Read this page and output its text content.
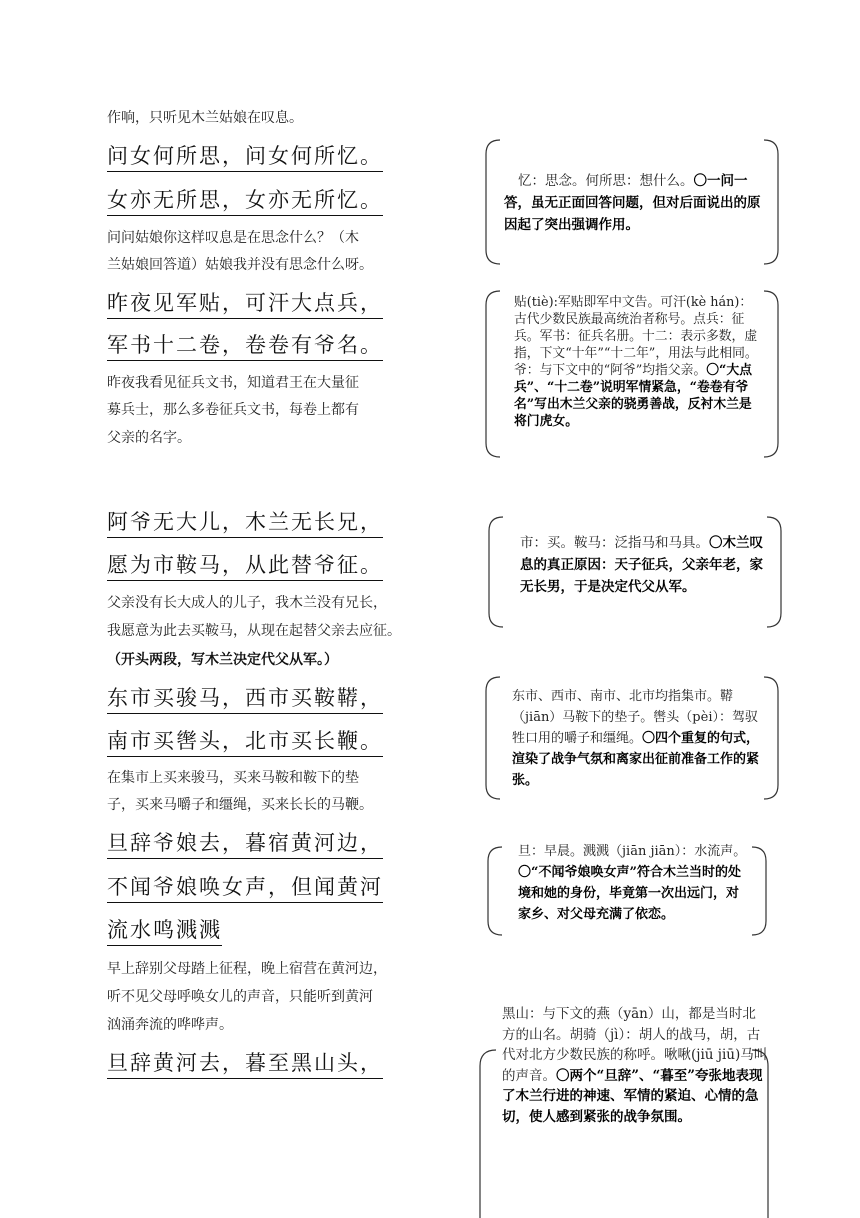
作响，只听见木兰姑娘在叹息。
问女何所思，问女何所忆。
女亦无所思，女亦无所忆。
问问姑娘你这样叹息是在思念什么？（木
兰姑娘回答道）姑娘我并没有思念什么呀。
昨夜见军贴，可汗大点兵，
军书十二卷，卷卷有爷名。
昨夜我看见征兵文书，知道君王在大量征
募兵士，那么多卷征兵文书，每卷上都有
父亲的名字。
阿爷无大儿，木兰无长兄，
愿为市鞍马，从此替爷征。
父亲没有长大成人的儿子，我木兰没有兄长，
我愿意为此去买鞍马，从现在起替父亲去应征。
（开头两段，写木兰决定代父从军。）
东市买骏马，西市买鞍鞯，
南市买辔头，北市买长鞭。
在集市上买来骏马，买来马鞍和鞍下的垫
子，买来马嚼子和缰绳，买来长长的马鞭。
旦辞爷娘去，暮宿黄河边，
不闻爷娘唤女声，但闻黄河
流水鸣溅溅
早上辞别父母踏上征程，晚上宿营在黄河边，
听不见父母呼唤女儿的声音，只能听到黄河
汹涌奔流的哗哗声。
旦辞黄河去，暮至黑山头，
忆：思念。何所思：想什么。〇一问一答，虽无正面回答问题，但对后面说出的原因起了突出强调作用。
贴(tiè):军贴即军中文告。可汗(kè hán)：古代少数民族最高统治者称号。点兵：征兵。军书：征兵名册。十二：表示多数，虚指，下文“十年”“十二年”，用法与此相同。爷：与下文中的“阿爷”均指父亲。〇“大点兵”、“十二卷”说明军情紧急，“卷卷有爷名”写出木兰父亲的骁勇善战，反衬木兰是将门虎女。
市：买。鞍马：泛指马和马具。〇木兰叹息的真正原因：天子征兵，父亲年老，家无长男，于是决定代父从军。
东市、西市、南市、北市均指集市。鞯（jiān）马鞍下的垫子。辔头（pèi）：驾驭牲口用的嚼子和缰绳。〇四个重复的句式，渲染了战争气氛和离家出征前准备工作的紧张。
旦：早晨。溅溅（jiān jiān）：水流声。〇“不闻爷娘唤女声”符合木兰当时的处境和她的身份，毕竟第一次出远门，对家乡、对父母充满了依恋。
黑山：与下文的燕（yān）山，都是当时北方的山名。胡骑（jì）：胡人的战马，胡，古代对北方少数民族的称呼。啾啾(jiū jiū)马叫的声音。〇两个“旦辞”、“暮至”夸张地表现了木兰行进的神速、军情的紧迫、心情的急切，使人感到紧张的战争氛围。
